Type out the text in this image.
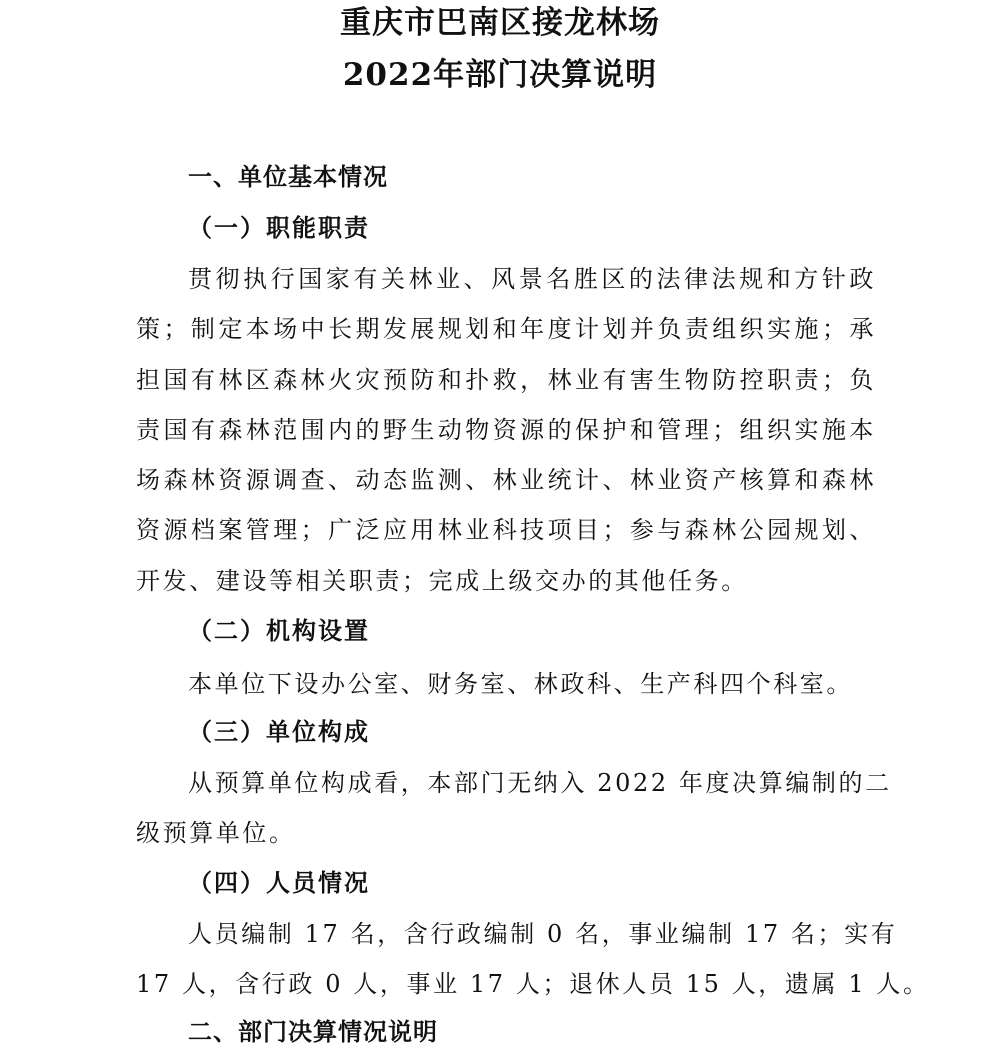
重庆市巴南区接龙林场
2022年部门决算说明
一、单位基本情况
（一）职能职责

贯彻执行国家有关林业、风景名胜区的法律法规和方针政策；制定本场中长期发展规划和年度计划并负责组织实施；承担国有林区森林火灾预防和扑救，林业有害生物防控职责；负责国有森林范围内的野生动物资源的保护和管理；组织实施本场森林资源调查、动态监测、林业统计、林业资产核算和森林资源档案管理；广泛应用林业科技项目；参与森林公园规划、开发、建设等相关职责；完成上级交办的其他任务。

（二）机构设置

本单位下设办公室、财务室、林政科、生产科四个科室。

（三）单位构成

从预算单位构成看，本部门无纳入 2022 年度决算编制的二

级预算单位。

（四）人员情况

人员编制 17 名，含行政编制 0 名，事业编制 17 名；实有

17 人，含行政 0 人，事业 17 人；退休人员 15 人，遗属 1 人。

二、部门决算情况说明
